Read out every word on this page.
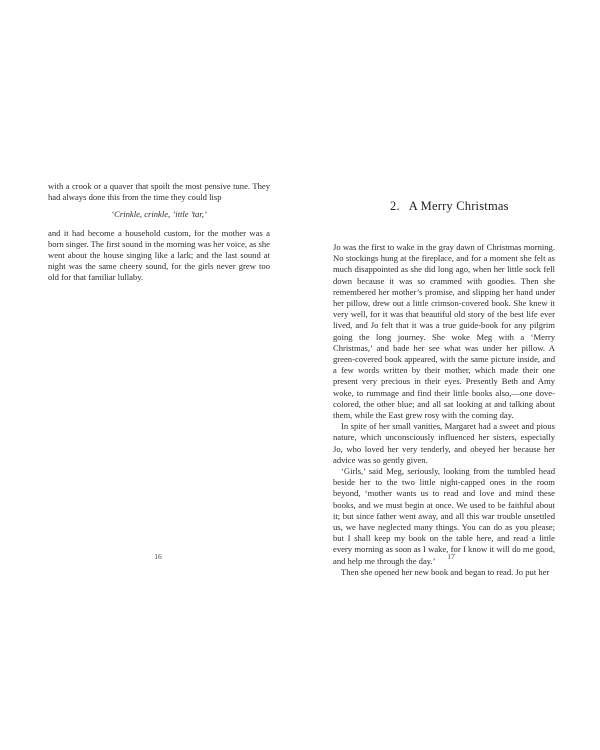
with a crook or a quaver that spoilt the most pensive tune. They had always done this from the time they could lisp

‘Crinkle, crinkle, ’ittle ’tar,’

and it had become a household custom, for the mother was a born singer. The first sound in the morning was her voice, as she went about the house singing like a lark; and the last sound at night was the same cheery sound, for the girls never grew too old for that familiar lullaby.

16
2. A Merry Christmas

Jo was the first to wake in the gray dawn of Christmas morning. No stockings hung at the fireplace, and for a moment she felt as much disappointed as she did long ago, when her little sock fell down because it was so crammed with goodies. Then she remembered her mother’s promise, and slipping her hand under her pillow, drew out a little crimson-covered book. She knew it very well, for it was that beautiful old story of the best life ever lived, and Jo felt that it was a true guide-book for any pilgrim going the long journey. She woke Meg with a ‘Merry Christmas,’ and bade her see what was under her pillow. A green-covered book appeared, with the same picture inside, and a few words written by their mother, which made their one present very precious in their eyes. Presently Beth and Amy woke, to rummage and find their little books also,—one dove-colored, the other blue; and all sat looking at and talking about them, while the East grew rosy with the coming day.

In spite of her small vanities, Margaret had a sweet and pious nature, which unconsciously influenced her sisters, especially Jo, who loved her very tenderly, and obeyed her because her advice was so gently given.

‘Girls,’ said Meg, seriously, looking from the tumbled head beside her to the two little night-capped ones in the room beyond, ‘mother wants us to read and love and mind these books, and we must begin at once. We used to be faithful about it; but since father went away, and all this war trouble unsettled us, we have neglected many things. You can do as you please; but I shall keep my book on the table here, and read a little every morning as soon as I wake, for I know it will do me good, and help me through the day.’

Then she opened her new book and began to read. Jo put her

17
